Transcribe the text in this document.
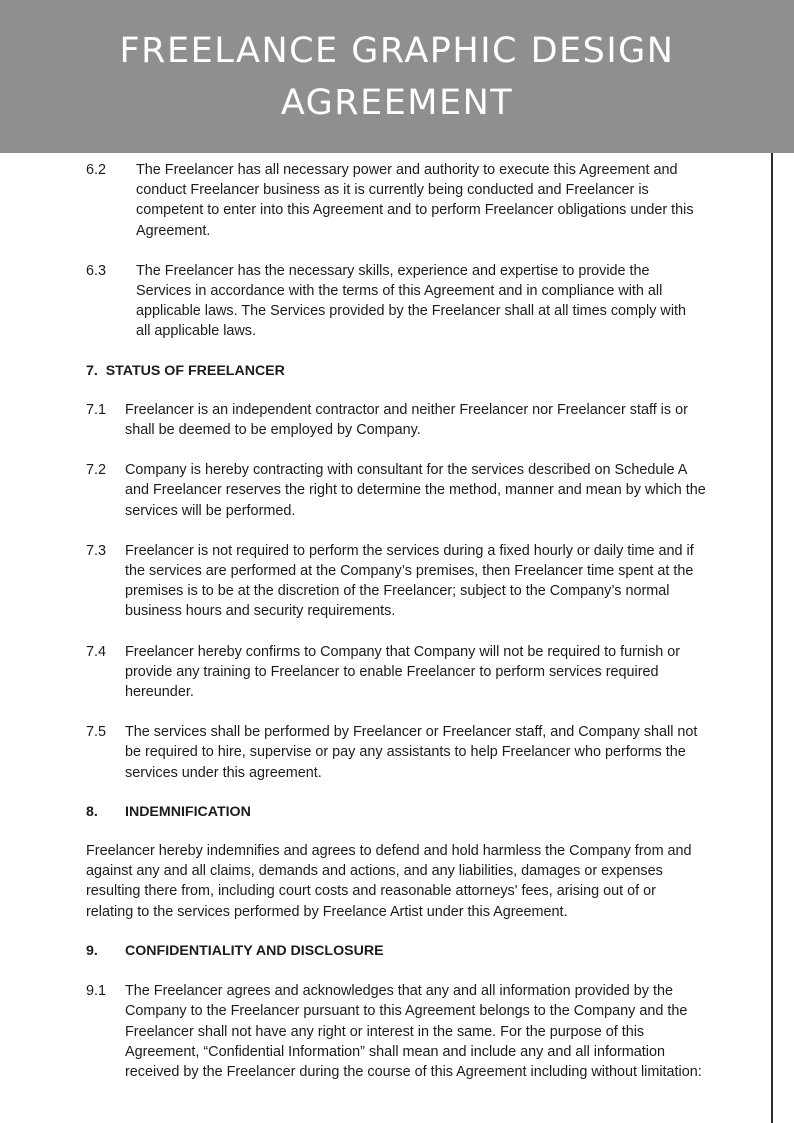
FREELANCE GRAPHIC DESIGN
AGREEMENT
6.2	The Freelancer has all necessary power and authority to execute this Agreement and conduct Freelancer business as it is currently being conducted and Freelancer is competent to enter into this Agreement and to perform Freelancer obligations under this Agreement.
6.3	The Freelancer has the necessary skills, experience and expertise to provide the Services in accordance with the terms of this Agreement and in compliance with all applicable laws. The Services provided by the Freelancer shall at all times comply with all applicable laws.
7.  STATUS OF FREELANCER
7.1	Freelancer is an independent contractor and neither Freelancer nor Freelancer staff is or shall be deemed to be employed by Company.
7.2	Company is hereby contracting with consultant for the services described on Schedule A and Freelancer reserves the right to determine the method, manner and mean by which the services will be performed.
7.3	Freelancer is not required to perform the services during a fixed hourly or daily time and if the services are performed at the Company’s premises, then Freelancer time spent at the premises is to be at the discretion of the Freelancer; subject to the Company’s normal business hours and security requirements.
7.4	Freelancer hereby confirms to Company that Company will not be required to furnish or provide any training to Freelancer to enable Freelancer to perform services required hereunder.
7.5	The services shall be performed by Freelancer or Freelancer staff, and Company shall not be required to hire, supervise or pay any assistants to help Freelancer who performs the services under this agreement.
8.	INDEMNIFICATION

Freelancer hereby indemnifies and agrees to defend and hold harmless the Company from and against any and all claims, demands and actions, and any liabilities, damages or expenses resulting there from, including court costs and reasonable attorneys' fees, arising out of or relating to the services performed by Freelance Artist under this Agreement.

9.	CONFIDENTIALITY AND DISCLOSURE
9.1	The Freelancer agrees and acknowledges that any and all information provided by the Company to the Freelancer pursuant to this Agreement belongs to the Company and the Freelancer shall not have any right or interest in the same. For the purpose of this Agreement, “Confidential Information” shall mean and include any and all information received by the Freelancer during the course of this Agreement including without limitation:
